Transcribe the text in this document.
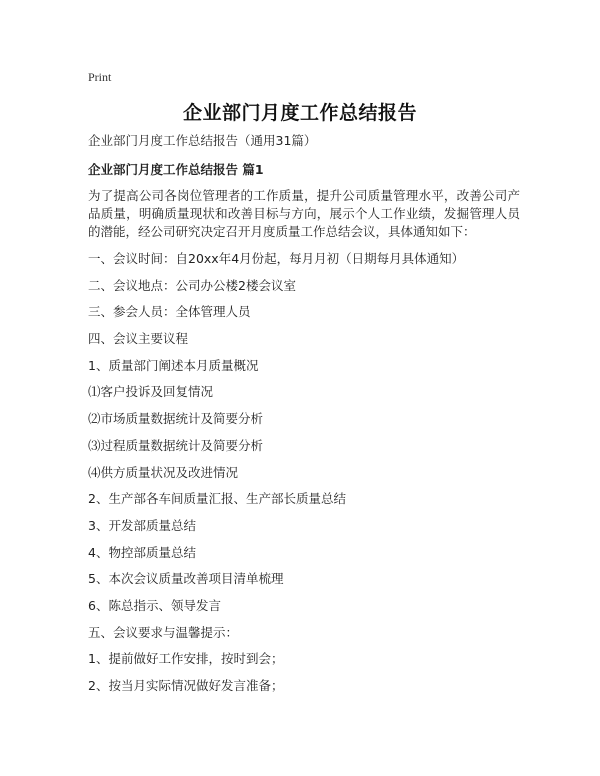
Print
企业部门月度工作总结报告

企业部门月度工作总结报告（通用31篇）

企业部门月度工作总结报告 篇1

为了提高公司各岗位管理者的工作质量，提升公司质量管理水平，改善公司产品质量，明确质量现状和改善目标与方向，展示个人工作业绩，发掘管理人员的潜能，经公司研究决定召开月度质量工作总结会议，具体通知如下：

一、会议时间：自20xx年4月份起，每月月初（日期每月具体通知）

二、会议地点：公司办公楼2楼会议室

三、参会人员：全体管理人员

四、会议主要议程

1、质量部门阐述本月质量概况

⑴客户投诉及回复情况

⑵市场质量数据统计及简要分析

⑶过程质量数据统计及简要分析

⑷供方质量状况及改进情况

2、生产部各车间质量汇报、生产部长质量总结

3、开发部质量总结

4、物控部质量总结

5、本次会议质量改善项目清单梳理

6、陈总指示、领导发言

五、会议要求与温馨提示：

1、提前做好工作安排，按时到会；

2、按当月实际情况做好发言准备；
